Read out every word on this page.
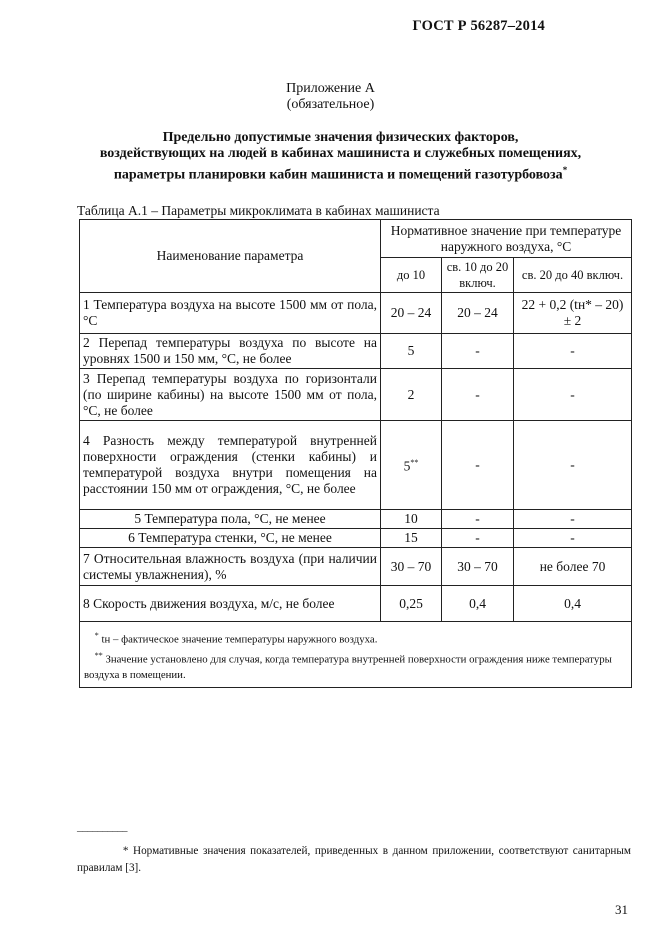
ГОСТ Р 56287–2014
Приложение А
(обязательное)
Предельно допустимые значения физических факторов,
воздействующих на людей в кабинах машиниста и служебных помещениях,
параметры планировки кабин машиниста и помещений газотурбовоза*
Таблица А.1 – Параметры микроклимата в кабинах машиниста
Наименование параметра	Нормативное значение при температуре наружного воздуха, °С		
	до 10	св. 10 до 20 включ.	св. 20 до 40 включ.
1 Температура воздуха на высоте 1500 мм от пола, °С	20 – 24	20 – 24	22 + 0,2 (tн* – 20) ± 2
2 Перепад температуры воздуха по высоте на уровнях 1500 и 150 мм, °С, не более	5	-	-
3 Перепад температуры воздуха по горизонтали (по ширине кабины) на высоте 1500 мм от пола, °С, не более	2	-	-
4 Разность между температурой внутренней поверхности ограждения (стенки кабины) и температурой воздуха внутри помещения на расстоянии 150 мм от ограждения, °С, не более	5**	-	-
5 Температура пола, °С, не менее	10	-	-
6 Температура стенки, °С, не менее	15	-	-
7 Относительная влажность воздуха (при наличии системы увлажнения), %	30 – 70	30 – 70	не более 70
8 Скорость движения воздуха, м/с, не более	0,25	0,4	0,4

* tн – фактическое значение температуры наружного воздуха.

** Значение установлено для случая, когда температура внутренней поверхности ограждения ниже температуры воздуха в помещении.			

––––––––––
* Нормативные значения показателей, приведенных в данном приложении, соответствуют санитарным правилам [3].
31
